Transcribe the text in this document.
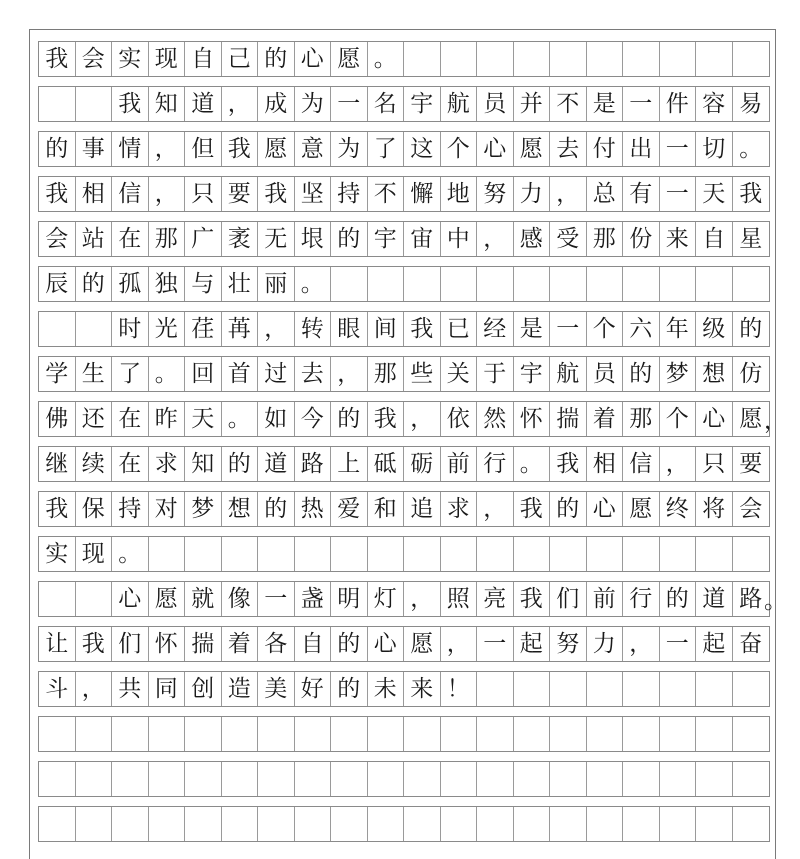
我 会 实 现 自 己 的 心 愿 。
我 知 道 ， 成 为 一 名 宇 航 员 并 不 是 一 件 容 易
的 事 情 ， 但 我 愿 意 为 了 这 个 心 愿 去 付 出 一 切 。
我 相 信 ， 只 要 我 坚 持 不 懈 地 努 力 ， 总 有 一 天 我
会 站 在 那 广 袤 无 垠 的 宇 宙 中 ， 感 受 那 份 来 自 星
辰 的 孤 独 与 壮 丽 。
时 光 荏 苒 ， 转 眼 间 我 已 经 是 一 个 六 年 级 的
学 生 了 。 回 首 过 去 ， 那 些 关 于 宇 航 员 的 梦 想 仿
佛 还 在 昨 天 。 如 今 的 我 ， 依 然 怀 揣 着 那 个 心 愿
继 续 在 求 知 的 道 路 上 砥 砺 前 行 。 我 相 信 ， 只 要
我 保 持 对 梦 想 的 热 爱 和 追 求 ， 我 的 心 愿 终 将 会
实 现 。
心 愿 就 像 一 盏 明 灯 ， 照 亮 我 们 前 行 的 道 路
让 我 们 怀 揣 着 各 自 的 心 愿 ， 一 起 努 力 ， 一 起 奋
斗 ， 共 同 创 造 美 好 的 未 来 ！
，
。
